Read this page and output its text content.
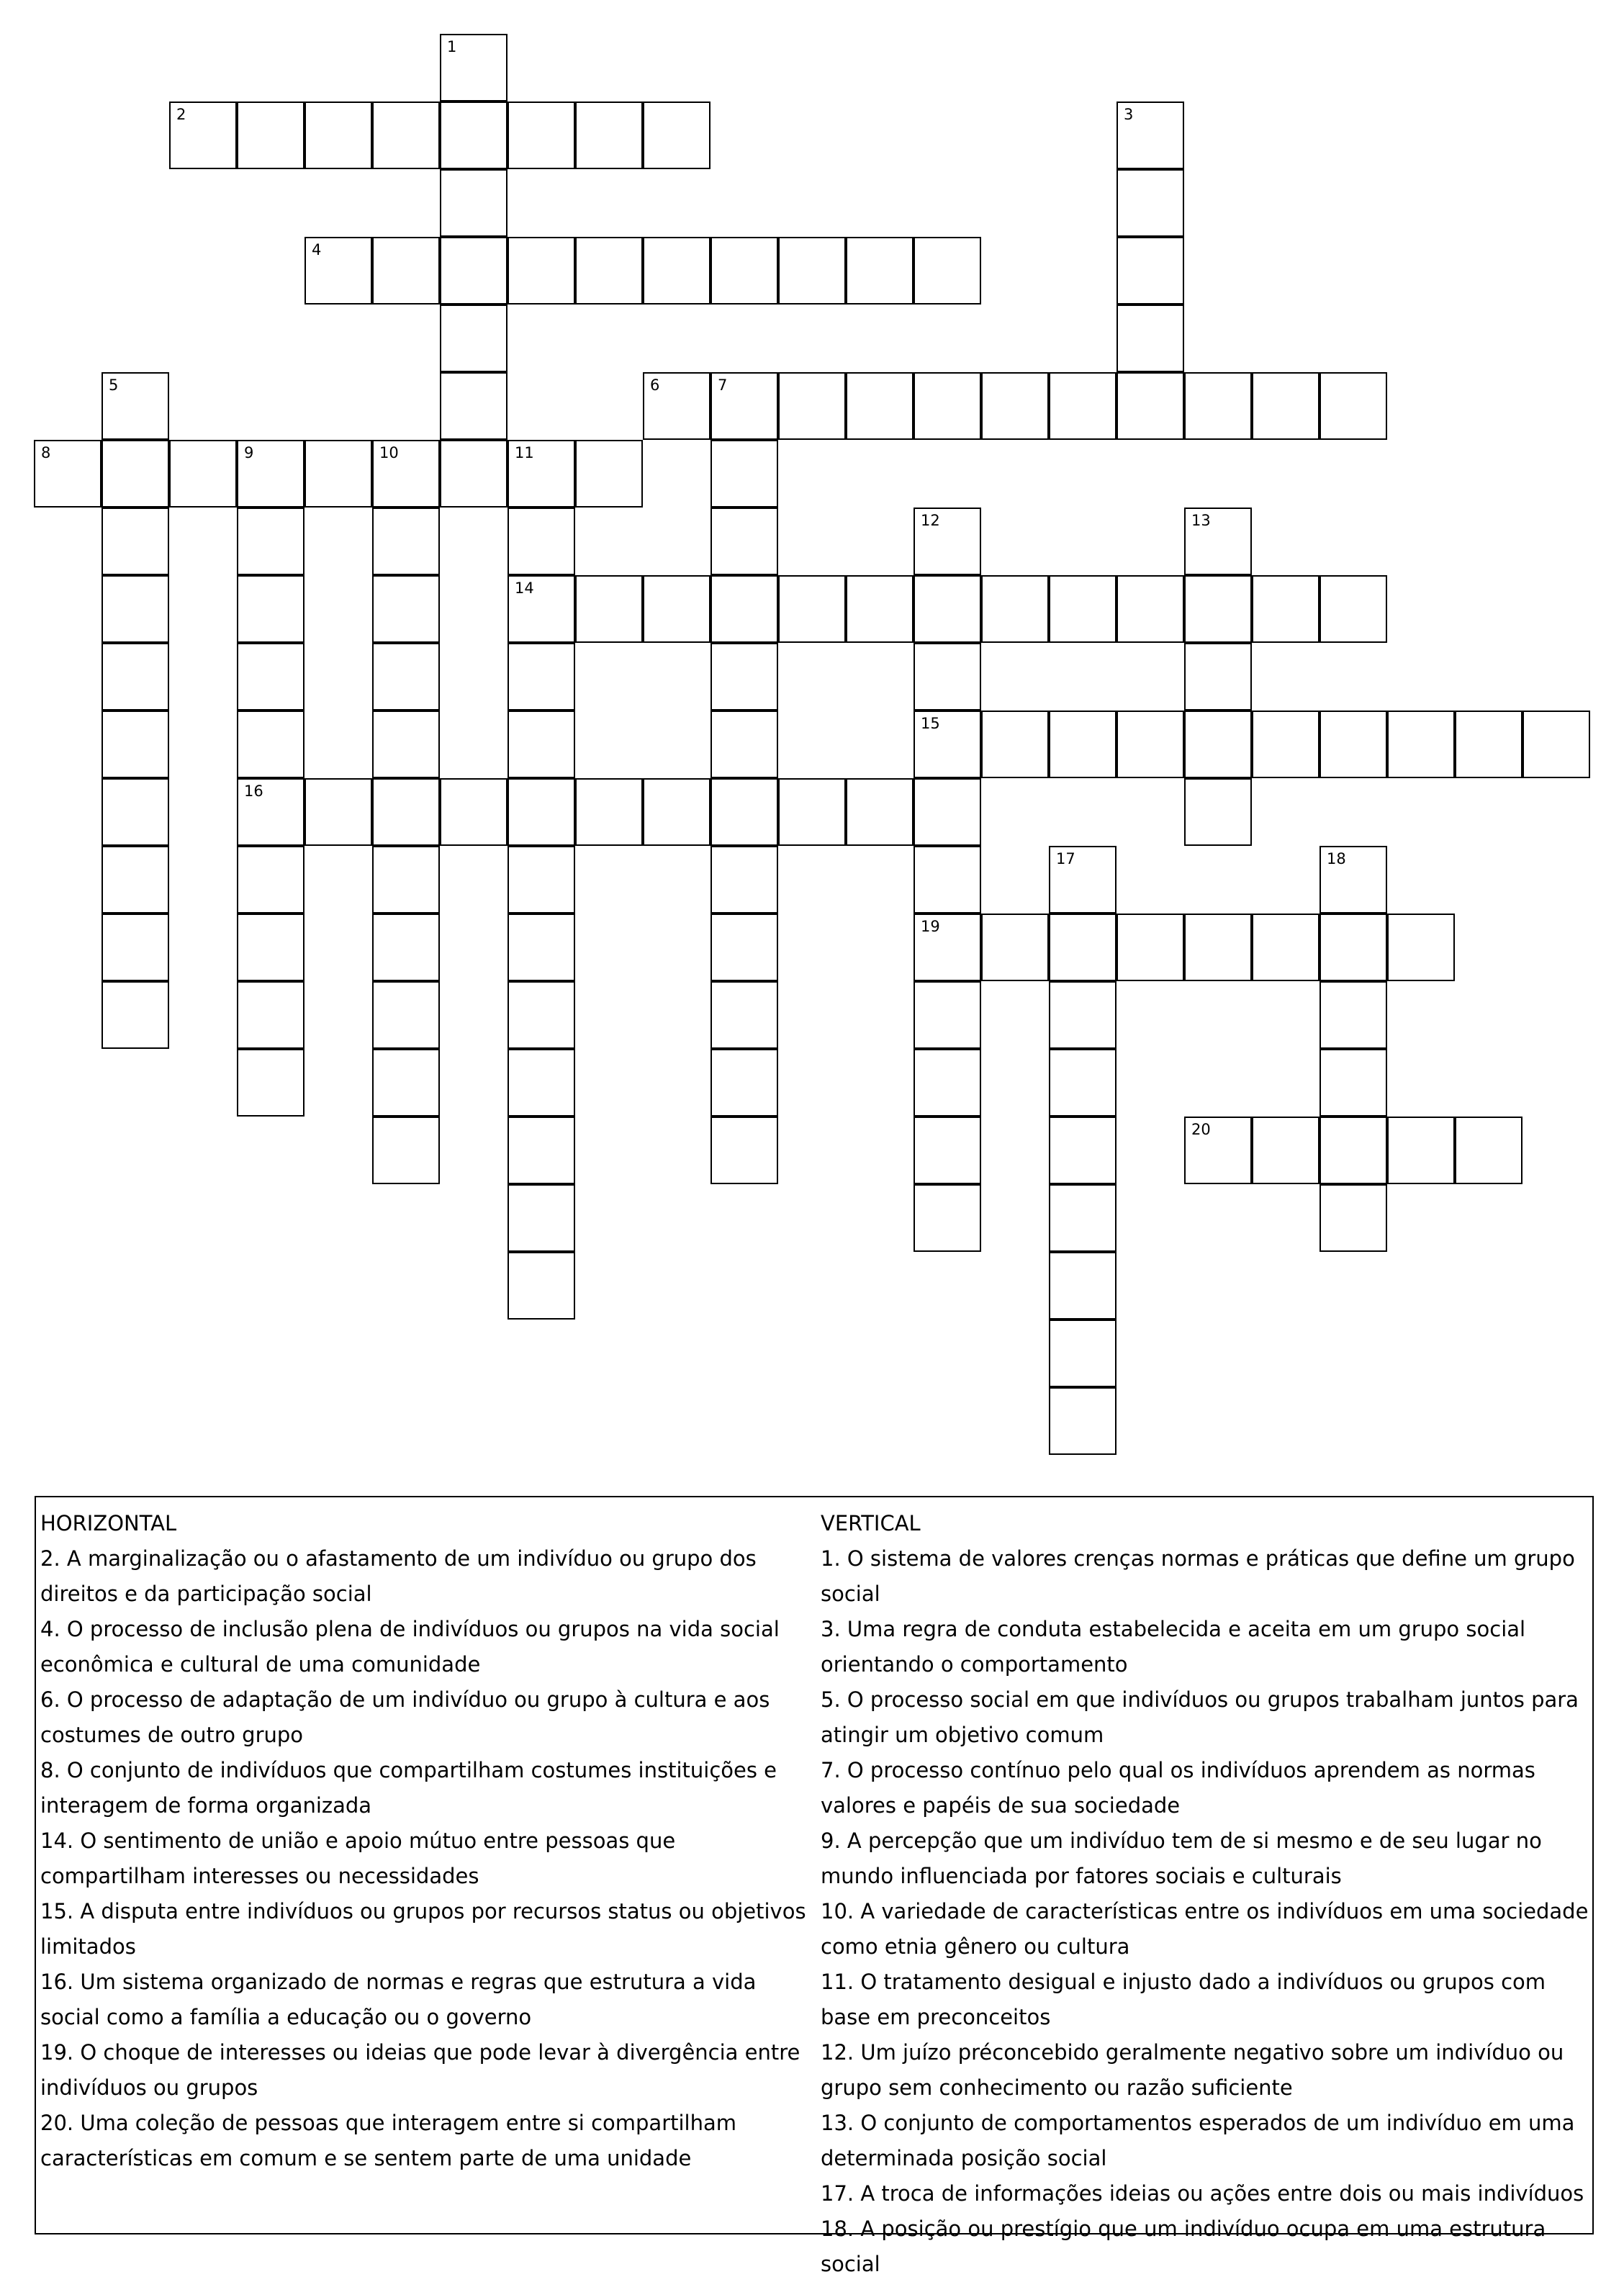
1
2	3
4
5	6	7
8	9	10	11
16
14
12
15
19
13
17	18
20

HORIZONTAL

2. A marginalização ou o afastamento de um indivíduo ou grupo dos direitos e da participação social

4. O processo de inclusão plena de indivíduos ou grupos na vida social econômica e cultural de uma comunidade

6. O processo de adaptação de um indivíduo ou grupo à cultura e aos costumes de outro grupo

8. O conjunto de indivíduos que compartilham costumes instituições e interagem de forma organizada

14. O sentimento de união e apoio mútuo entre pessoas que compartilham interesses ou necessidades

15. A disputa entre indivíduos ou grupos por recursos status ou objetivos limitados

16. Um sistema organizado de normas e regras que estrutura a vida social como a família a educação ou o governo

19. O choque de interesses ou ideias que pode levar à divergência entre indivíduos ou grupos

20. Uma coleção de pessoas que interagem entre si compartilham características em comum e se sentem parte de uma unidade

VERTICAL

1. O sistema de valores crenças normas e práticas que define um grupo social

3. Uma regra de conduta estabelecida e aceita em um grupo social orientando o comportamento

5. O processo social em que indivíduos ou grupos trabalham juntos para atingir um objetivo comum

7. O processo contínuo pelo qual os indivíduos aprendem as normas valores e papéis de sua sociedade

9. A percepção que um indivíduo tem de si mesmo e de seu lugar no mundo influenciada por fatores sociais e culturais

10. A variedade de características entre os indivíduos em uma sociedade como etnia gênero ou cultura

11. O tratamento desigual e injusto dado a indivíduos ou grupos com base em preconceitos

12. Um juízo préconcebido geralmente negativo sobre um indivíduo ou grupo sem conhecimento ou razão suficiente

13. O conjunto de comportamentos esperados de um indivíduo em uma determinada posição social

17. A troca de informações ideias ou ações entre dois ou mais indivíduos

18. A posição ou prestígio que um indivíduo ocupa em uma estrutura social
